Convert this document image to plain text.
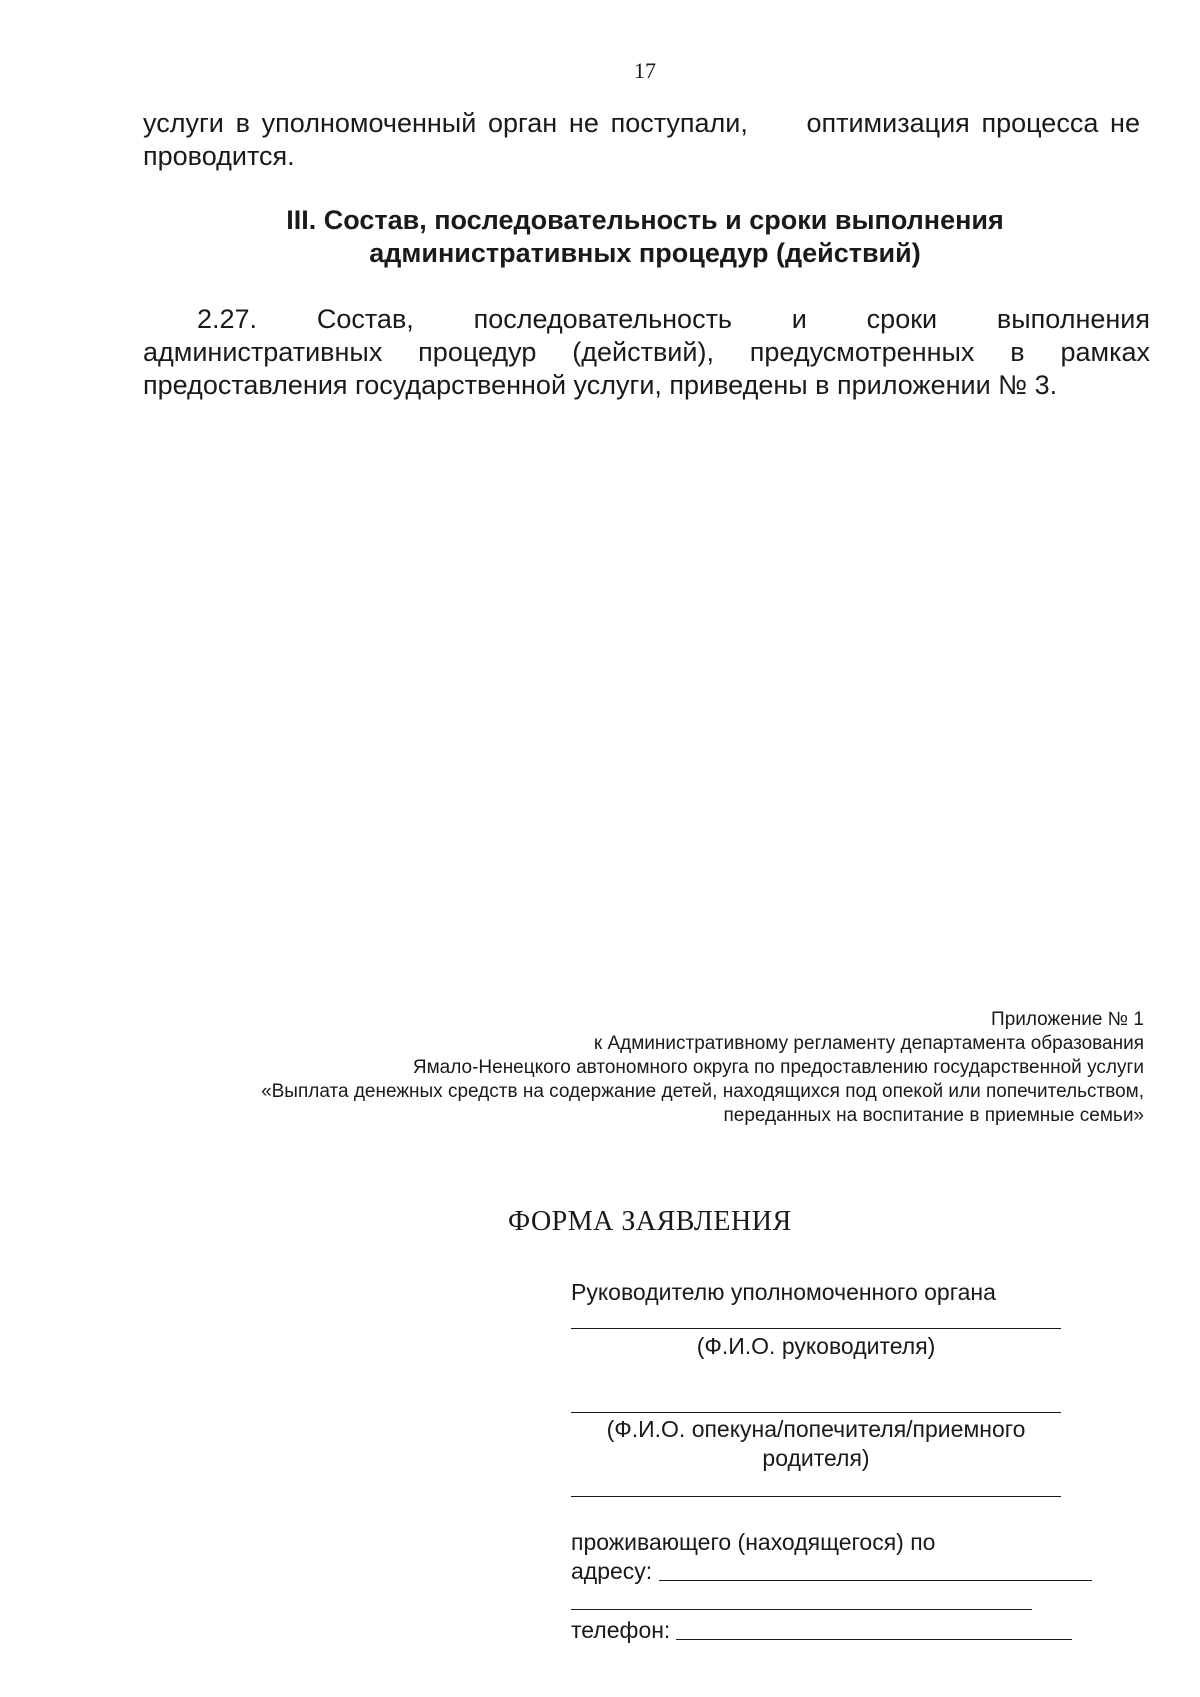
17
услуги в уполномоченный орган не поступали,     оптимизация процесса не
проводится.
III. Состав, последовательность и сроки выполнения
административных процедур (действий)
2.27.   Состав,   последовательность   и   сроки   выполнения
административных процедур (действий), предусмотренных в рамках
предоставления государственной услуги, приведены в приложении № 3.
Приложение № 1
к Административному регламенту департамента образования
Ямало-Ненецкого автономного округа по предоставлению государственной услуги
«Выплата денежных средств на содержание детей, находящихся под опекой или попечительством,
переданных на воспитание в приемные семьи»
ФОРМА ЗАЯВЛЕНИЯ
Руководителю уполномоченного органа
(Ф.И.О. руководителя)
(Ф.И.О. опекуна/попечителя/приемного
родителя)
проживающего (находящегося) по
адресу:
телефон:
